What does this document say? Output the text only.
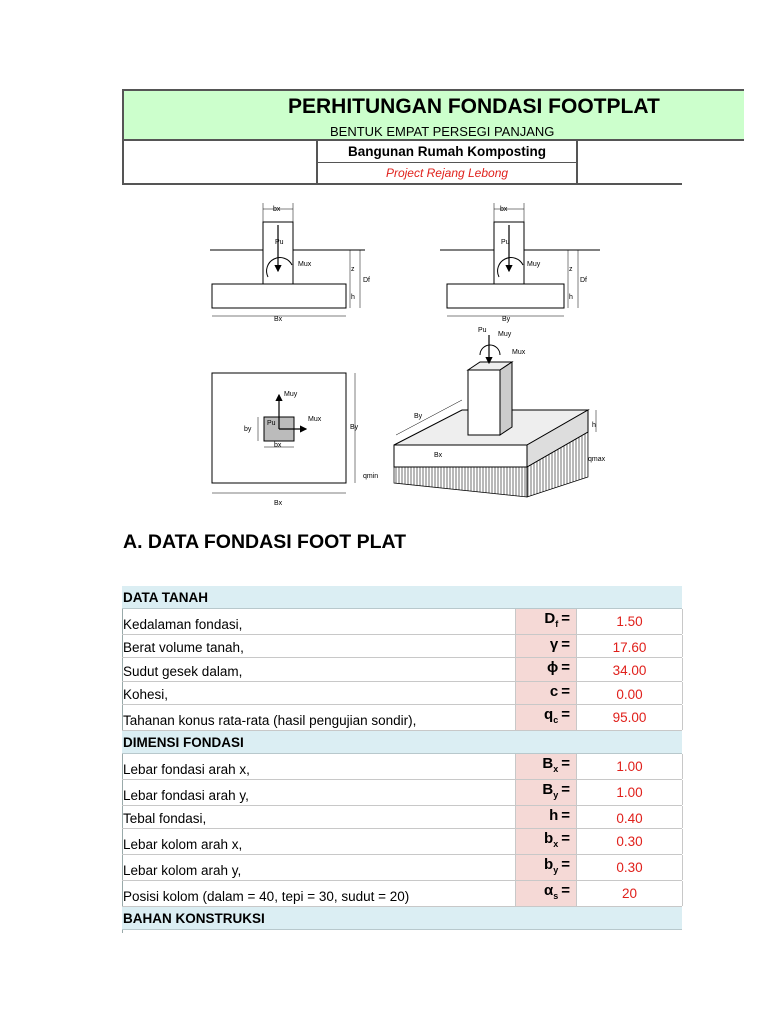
PERHITUNGAN FONDASI FOOTPLAT
BENTUK EMPAT PERSEGI PANJANG
Bangunan Rumah Komposting
Project Rejang Lebong
bx
Pu
Mux
z
Df
h
Bx
bx
Pu
Muy
z
Df
h
By
Muy
Mux
Pu
by
bx
By
Bx
Pu
Muy
Mux
By
Bx
h
qmax
qmin
A. DATA FONDASI FOOT PLAT
DATA TANAH
Kedalaman fondasi,	$D_f$ =	1.50
Berat volume tanah,	γ =	17.60
Sudut gesek dalam,	ϕ =	34.00
Kohesi,	c =	0.00
Tahanan konus rata-rata (hasil pengujian sondir),	$q_c$ =	95.00
DIMENSI FONDASI
Lebar fondasi arah x,	$B_x$ =	1.00
Lebar fondasi arah y,	$B_y$ =	1.00
Tebal fondasi,	h =	0.40
Lebar kolom arah x,	$b_x$ =	0.30
Lebar kolom arah y,	$b_y$ =	0.30
Posisi kolom (dalam = 40, tepi = 30, sudut = 20)	$\alpha_s$ =	20
BAHAN KONSTRUKSI
